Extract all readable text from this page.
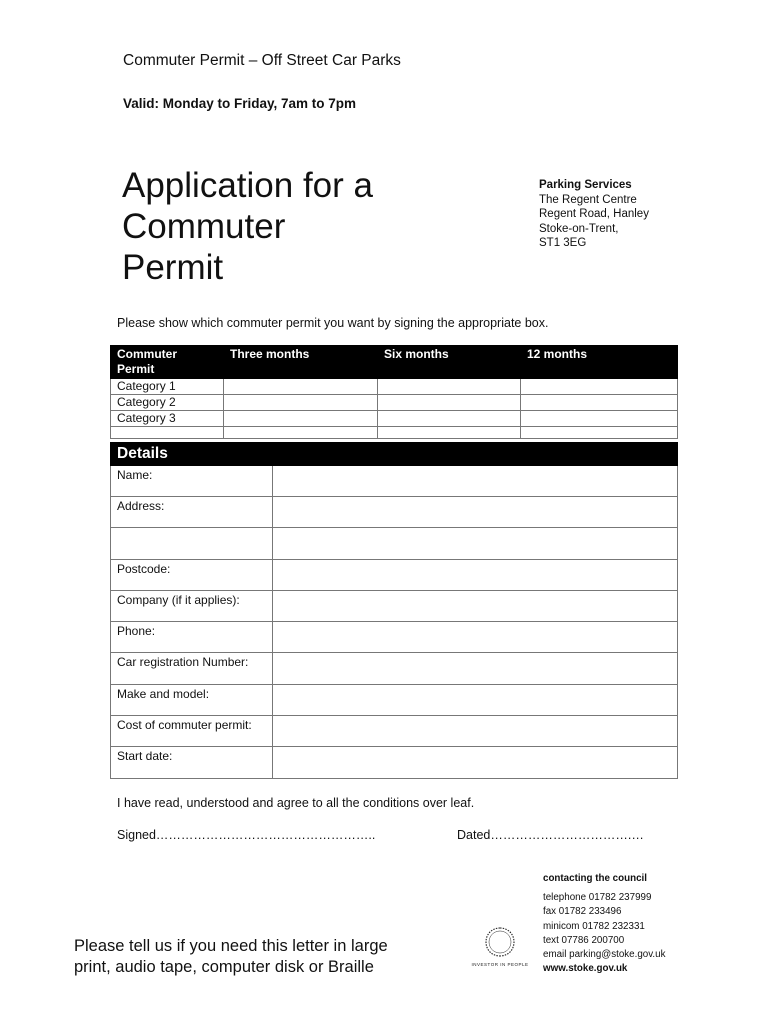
Commuter Permit – Off Street Car Parks
Valid: Monday to Friday, 7am to 7pm
Application for a
Commuter
Permit
Parking Services
The Regent Centre
Regent Road, Hanley
Stoke-on-Trent,
ST1 3EG
Please show which commuter permit you want by signing the appropriate box.
Commuter Permit	Three months	Six months	12 months
Category 1			
Category 2			
Category 3			

Details	
Name:	
Address:	

Postcode:	
Company (if it applies):	
Phone:	
Car registration Number:	
Make and model:	
Cost of commuter permit:	
Start date:	
I have read, understood and agree to all the conditions over leaf.
Signed……………………………………………..	Dated…………………………….…
Please tell us if you need this letter in large print, audio tape, computer disk or Braille	INVESTOR IN PEOPLE
contacting the council
telephone 01782 237999
fax 01782 233496
minicom 01782 232331
text 07786 200700
email parking@stoke.gov.uk
www.stoke.gov.uk
